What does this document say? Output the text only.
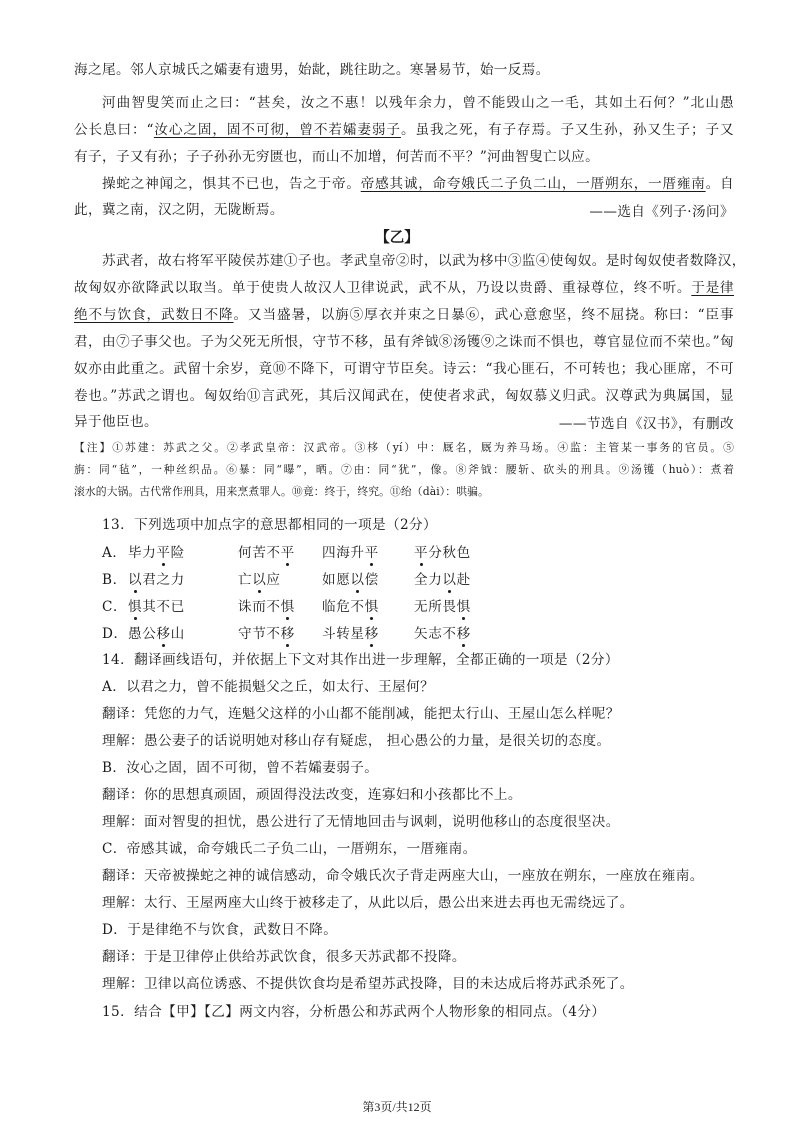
海之尾。邻人京城氏之孀妻有遗男，始龀，跳往助之。寒暑易节，始一反焉。
河曲智叟笑而止之曰：“甚矣，汝之不惠！以残年余力，曾不能毁山之一毛，其如土石何？”北山愚
公长息曰：“汝心之固，固不可彻，曾不若孀妻弱子。虽我之死，有子存焉。子又生孙，孙又生子；子又
有子，子又有孙；子子孙孙无穷匮也，而山不加增，何苦而不平？”河曲智叟亡以应。
操蛇之神闻之，惧其不已也，告之于帝。帝感其诚，命夸娥氏二子负二山，一厝朔东，一厝雍南。自
此，冀之南，汉之阴，无陇断焉。	——选自《列子·汤问》
【乙】
苏武者，故右将军平陵侯苏建①子也。孝武皇帝②时，以武为栘中③监④使匈奴。是时匈奴使者数降汉，
故匈奴亦欲降武以取当。单于使贵人故汉人卫律说武，武不从，乃设以贵爵、重禄尊位，终不听。于是律
绝不与饮食，武数日不降。又当盛暑，以旃⑤厚衣并束之日暴⑥，武心意愈坚，终不屈挠。称曰：“臣事
君，由⑦子事父也。子为父死无所恨，守节不移，虽有斧钺⑧汤镬⑨之诛而不惧也，尊官显位而不荣也。”匈
奴亦由此重之。武留十余岁，竟⑩不降下，可谓守节臣矣。诗云：“我心匪石，不可转也；我心匪席，不可
卷也。”苏武之谓也。匈奴绐⑪言武死，其后汉闻武在，使使者求武，匈奴慕义归武。汉尊武为典属国，显
异于他臣也。	——节选自《汉书》，有删改
【注】①苏建：苏武之父。②孝武皇帝：汉武帝。③栘（yí）中：厩名，厩为养马场。④监：主管某一事务的官员。⑤
旃：同“毡”，一种丝织品。⑥暴：同“曝”，晒。⑦由：同“犹”，像。⑧斧钺：腰斩、砍头的刑具。⑨汤镬（huò）：煮着
滚水的大锅。古代常作刑具，用来烹煮罪人。⑩竟：终于，终究。⑪绐（dài）：哄骗。
13．下列选项中加点字的意思都相同的一项是（2分）
A． 毕力平险	何苦不平 四海升平	平分秋色
B． 以君之力	亡以应	如愿以偿	全力以赴
C． 惧其不已	诛而不惧 临危不惧	无所畏惧
D． 愚公移山	守节不移 斗转星移	矢志不移
14．翻译画线语句，并依据上下文对其作出进一步理解，全都正确的一项是（2分）
A．以君之力，曾不能损魁父之丘，如太行、王屋何？
翻译：凭您的力气，连魁父这样的小山都不能削减，能把太行山、王屋山怎么样呢？
理解：愚公妻子的话说明她对移山存有疑虑， 担心愚公的力量，是很关切的态度。
B．汝心之固，固不可彻，曾不若孀妻弱子。
翻译：你的思想真顽固，顽固得没法改变，连寡妇和小孩都比不上。
理解：面对智叟的担忧，愚公进行了无情地回击与讽刺，说明他移山的态度很坚决。
C．帝感其诚，命夸娥氏二子负二山，一厝朔东，一厝雍南。
翻译：天帝被操蛇之神的诚信感动，命令娥氏次子背走两座大山，一座放在朔东，一座放在雍南。
理解：太行、王屋两座大山终于被移走了，从此以后，愚公出来进去再也无需绕远了。
D．于是律绝不与饮食，武数日不降。
翻译：于是卫律停止供给苏武饮食，很多天苏武都不投降。
理解：卫律以高位诱惑、不提供饮食均是希望苏武投降，目的未达成后将苏武杀死了。
15．结合【甲】【乙】两文内容，分析愚公和苏武两个人物形象的相同点。（4分）
第3页/共12页
